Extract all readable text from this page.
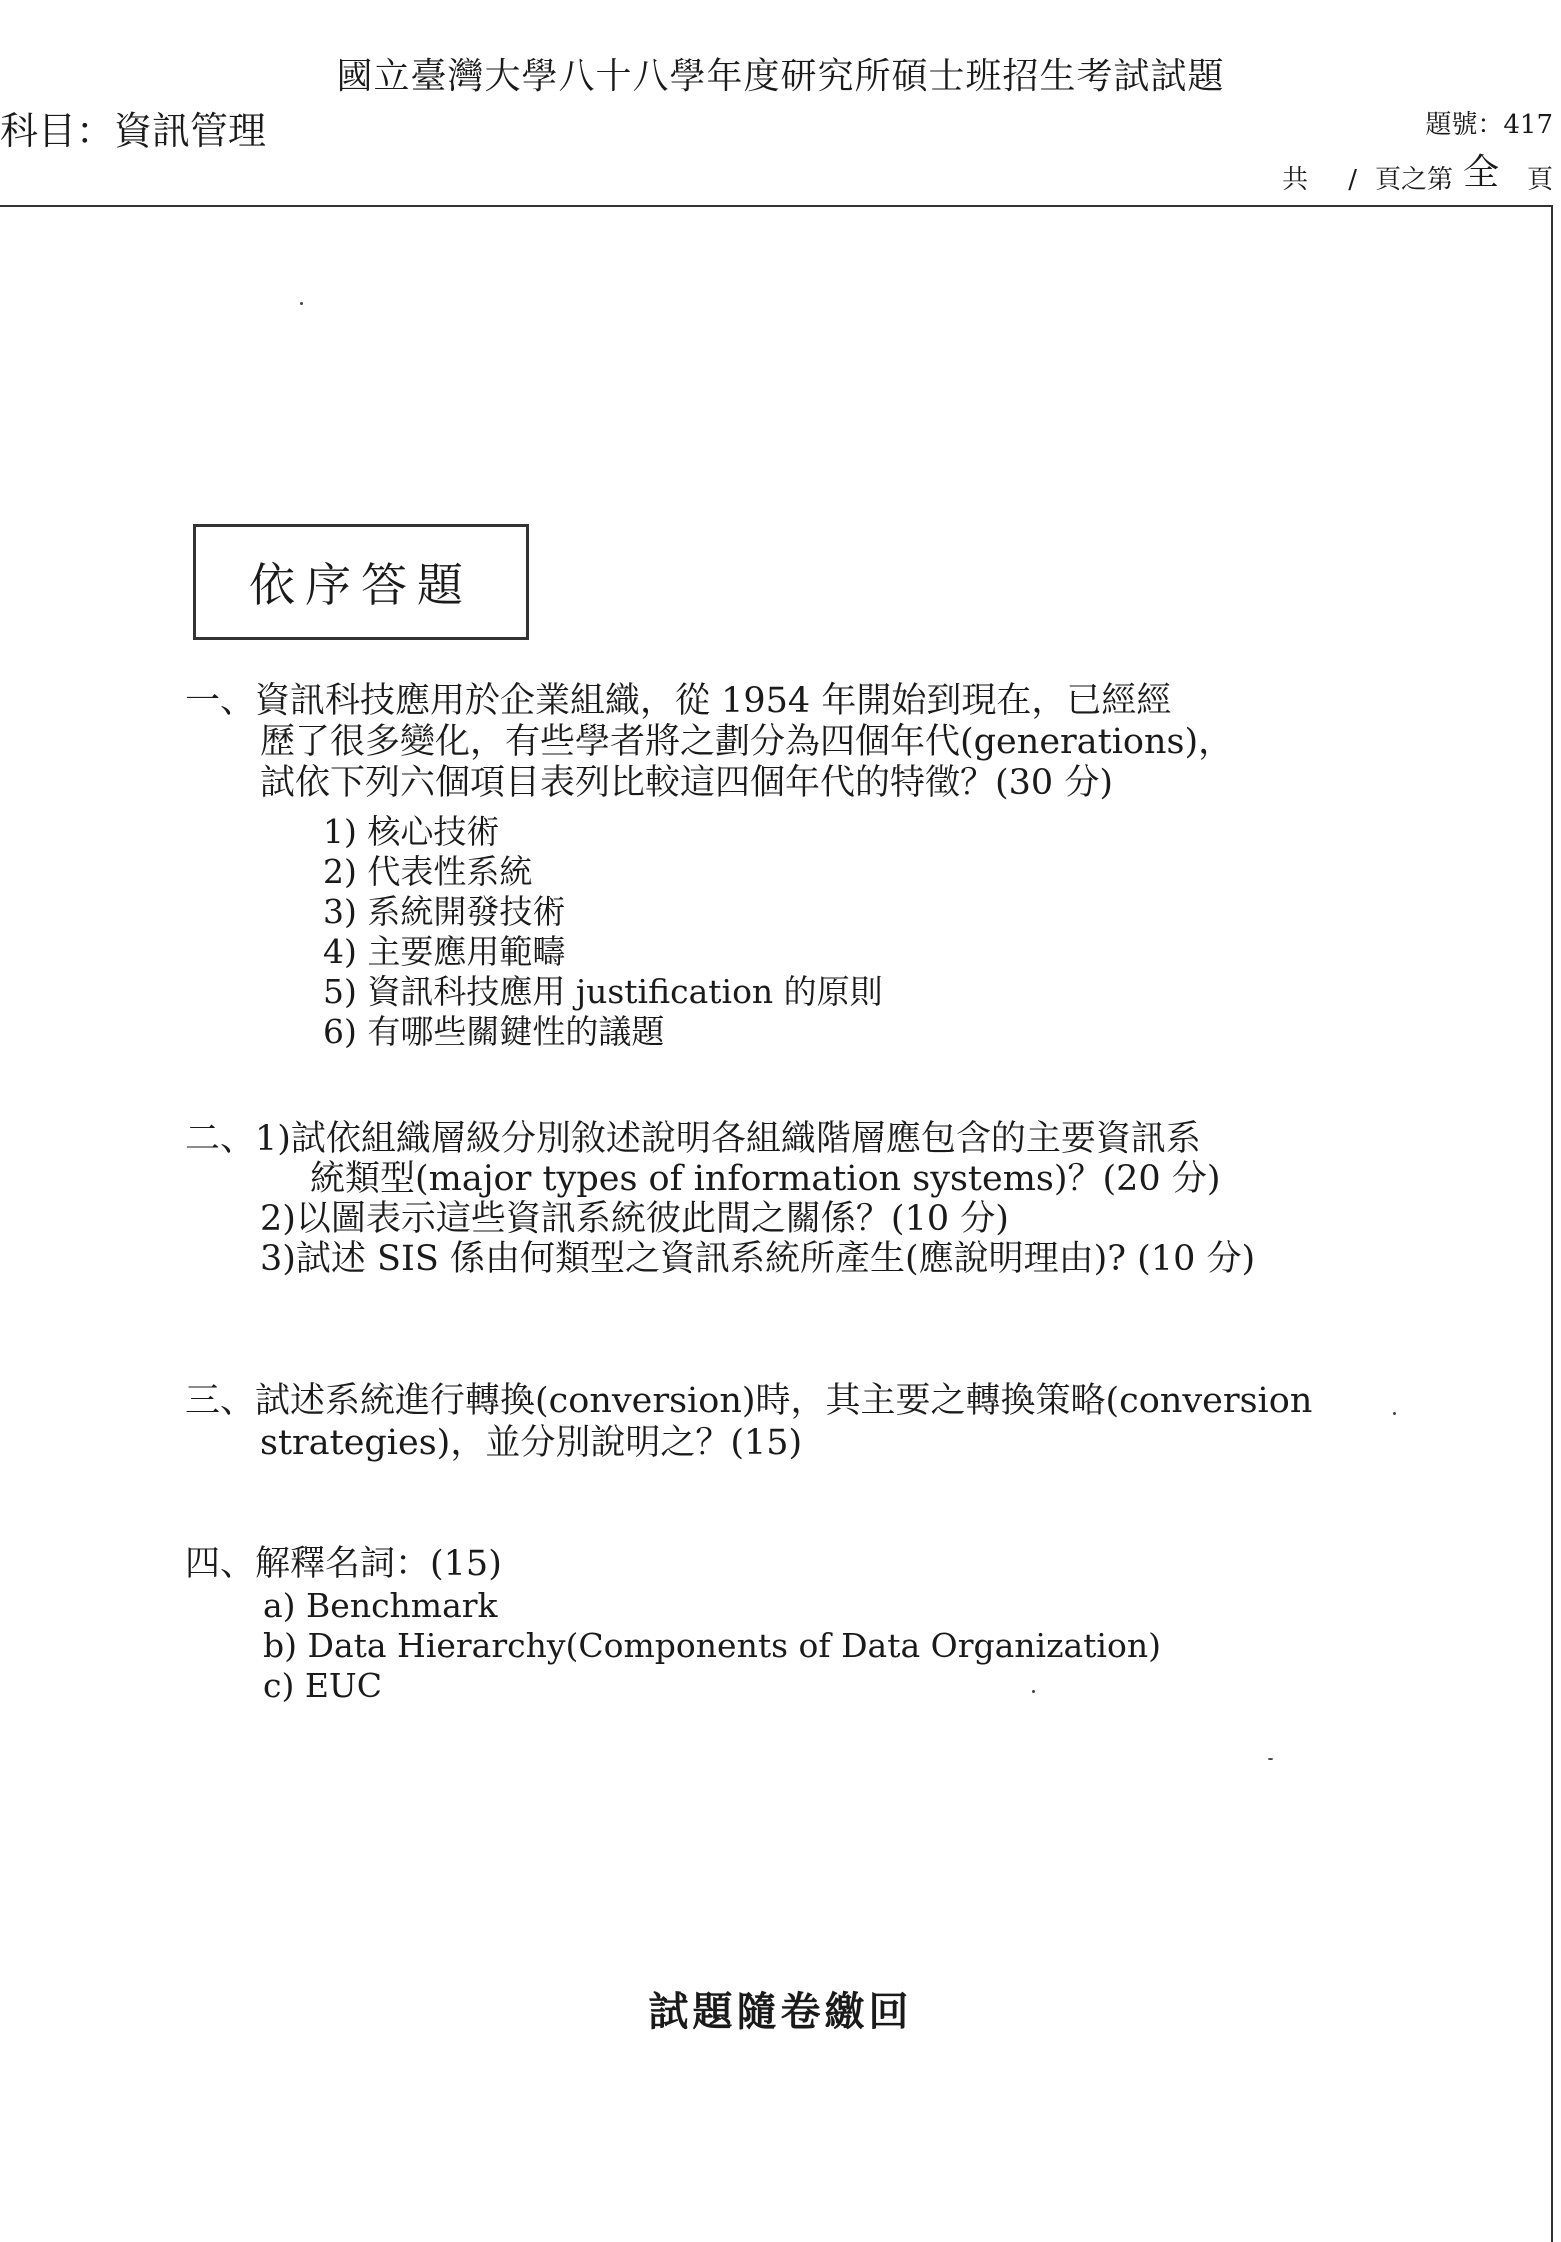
國立臺灣大學八十八學年度研究所碩士班招生考試試題
科目：資訊管理	題號：417
共 / 頁之第 全 頁
依序答題
一、資訊科技應用於企業組織，從 1954 年開始到現在，已經經
歷了很多變化，有些學者將之劃分為四個年代(generations)，
試依下列六個項目表列比較這四個年代的特徵？(30 分)
1) 核心技術
2) 代表性系統
3) 系統開發技術
4) 主要應用範疇
5) 資訊科技應用 justification 的原則
6) 有哪些關鍵性的議題
二、1)試依組織層級分別敘述說明各組織階層應包含的主要資訊系
統類型(major types of information systems)？(20 分)
2)以圖表示這些資訊系統彼此間之關係？(10 分)
3)試述 SIS 係由何類型之資訊系統所產生(應說明理由)? (10 分)
三、試述系統進行轉換(conversion)時，其主要之轉換策略(conversion
strategies)，並分別說明之？(15)
四、解釋名詞：(15)
a) Benchmark
b) Data Hierarchy(Components of Data Organization)
c) EUC
試題隨卷繳回
